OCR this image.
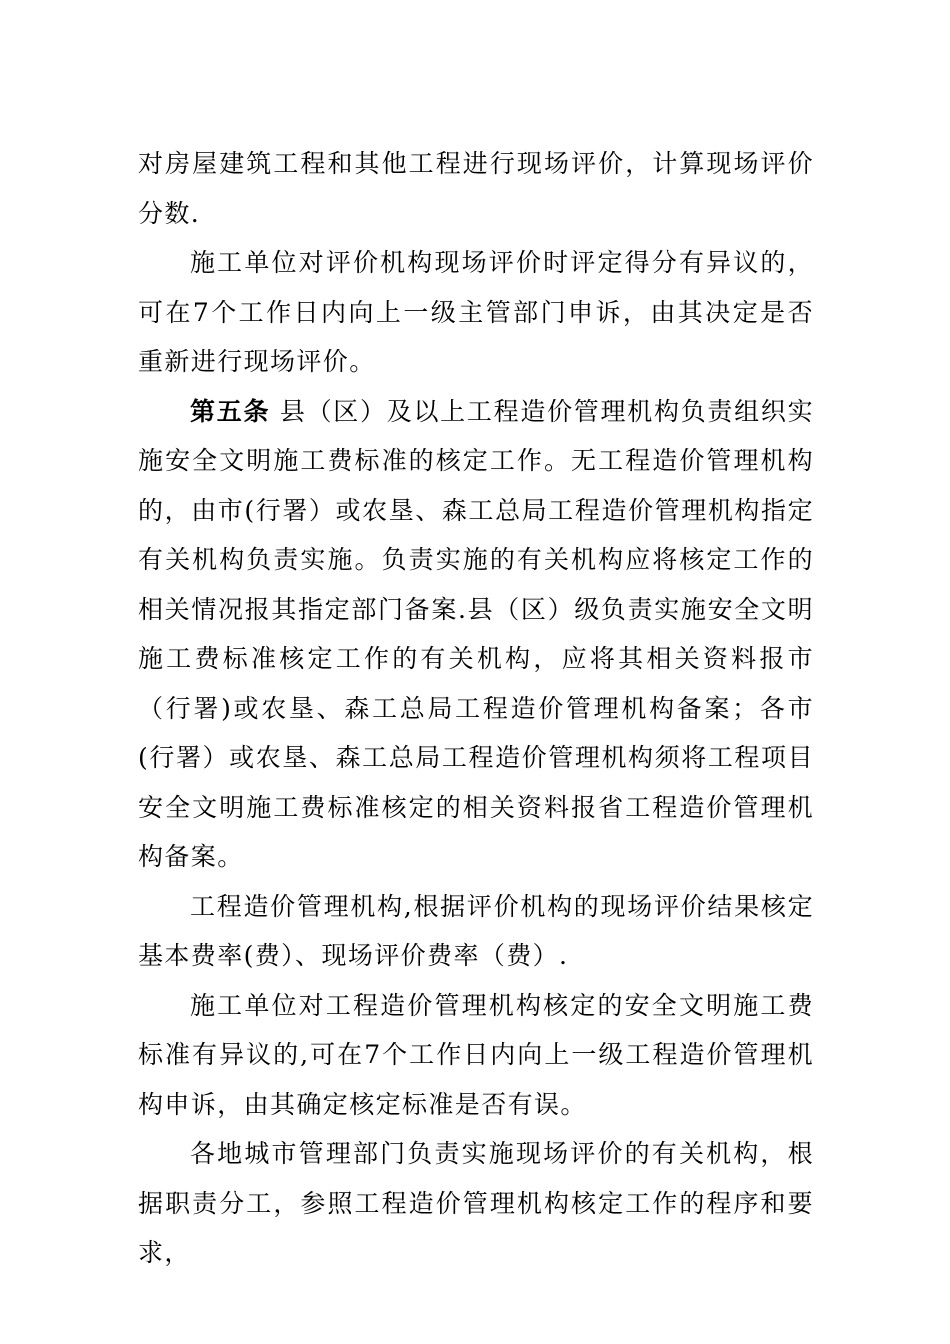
对房屋建筑工程和其他工程进行现场评价，计算现场评价分数.

施工单位对评价机构现场评价时评定得分有异议的，可在7个工作日内向上一级主管部门申诉，由其决定是否重新进行现场评价。

第五条 县（区）及以上工程造价管理机构负责组织实施安全文明施工费标准的核定工作。无工程造价管理机构的，由市(行署）或农垦、森工总局工程造价管理机构指定有关机构负责实施。负责实施的有关机构应将核定工作的相关情况报其指定部门备案.县（区）级负责实施安全文明施工费标准核定工作的有关机构，应将其相关资料报市（行署)或农垦、森工总局工程造价管理机构备案；各市(行署）或农垦、森工总局工程造价管理机构须将工程项目安全文明施工费标准核定的相关资料报省工程造价管理机构备案。

工程造价管理机构,根据评价机构的现场评价结果核定基本费率(费）、现场评价费率（费）.

施工单位对工程造价管理机构核定的安全文明施工费标准有异议的,可在7个工作日内向上一级工程造价管理机构申诉，由其确定核定标准是否有误。

各地城市管理部门负责实施现场评价的有关机构，根据职责分工，参照工程造价管理机构核定工作的程序和要求，
